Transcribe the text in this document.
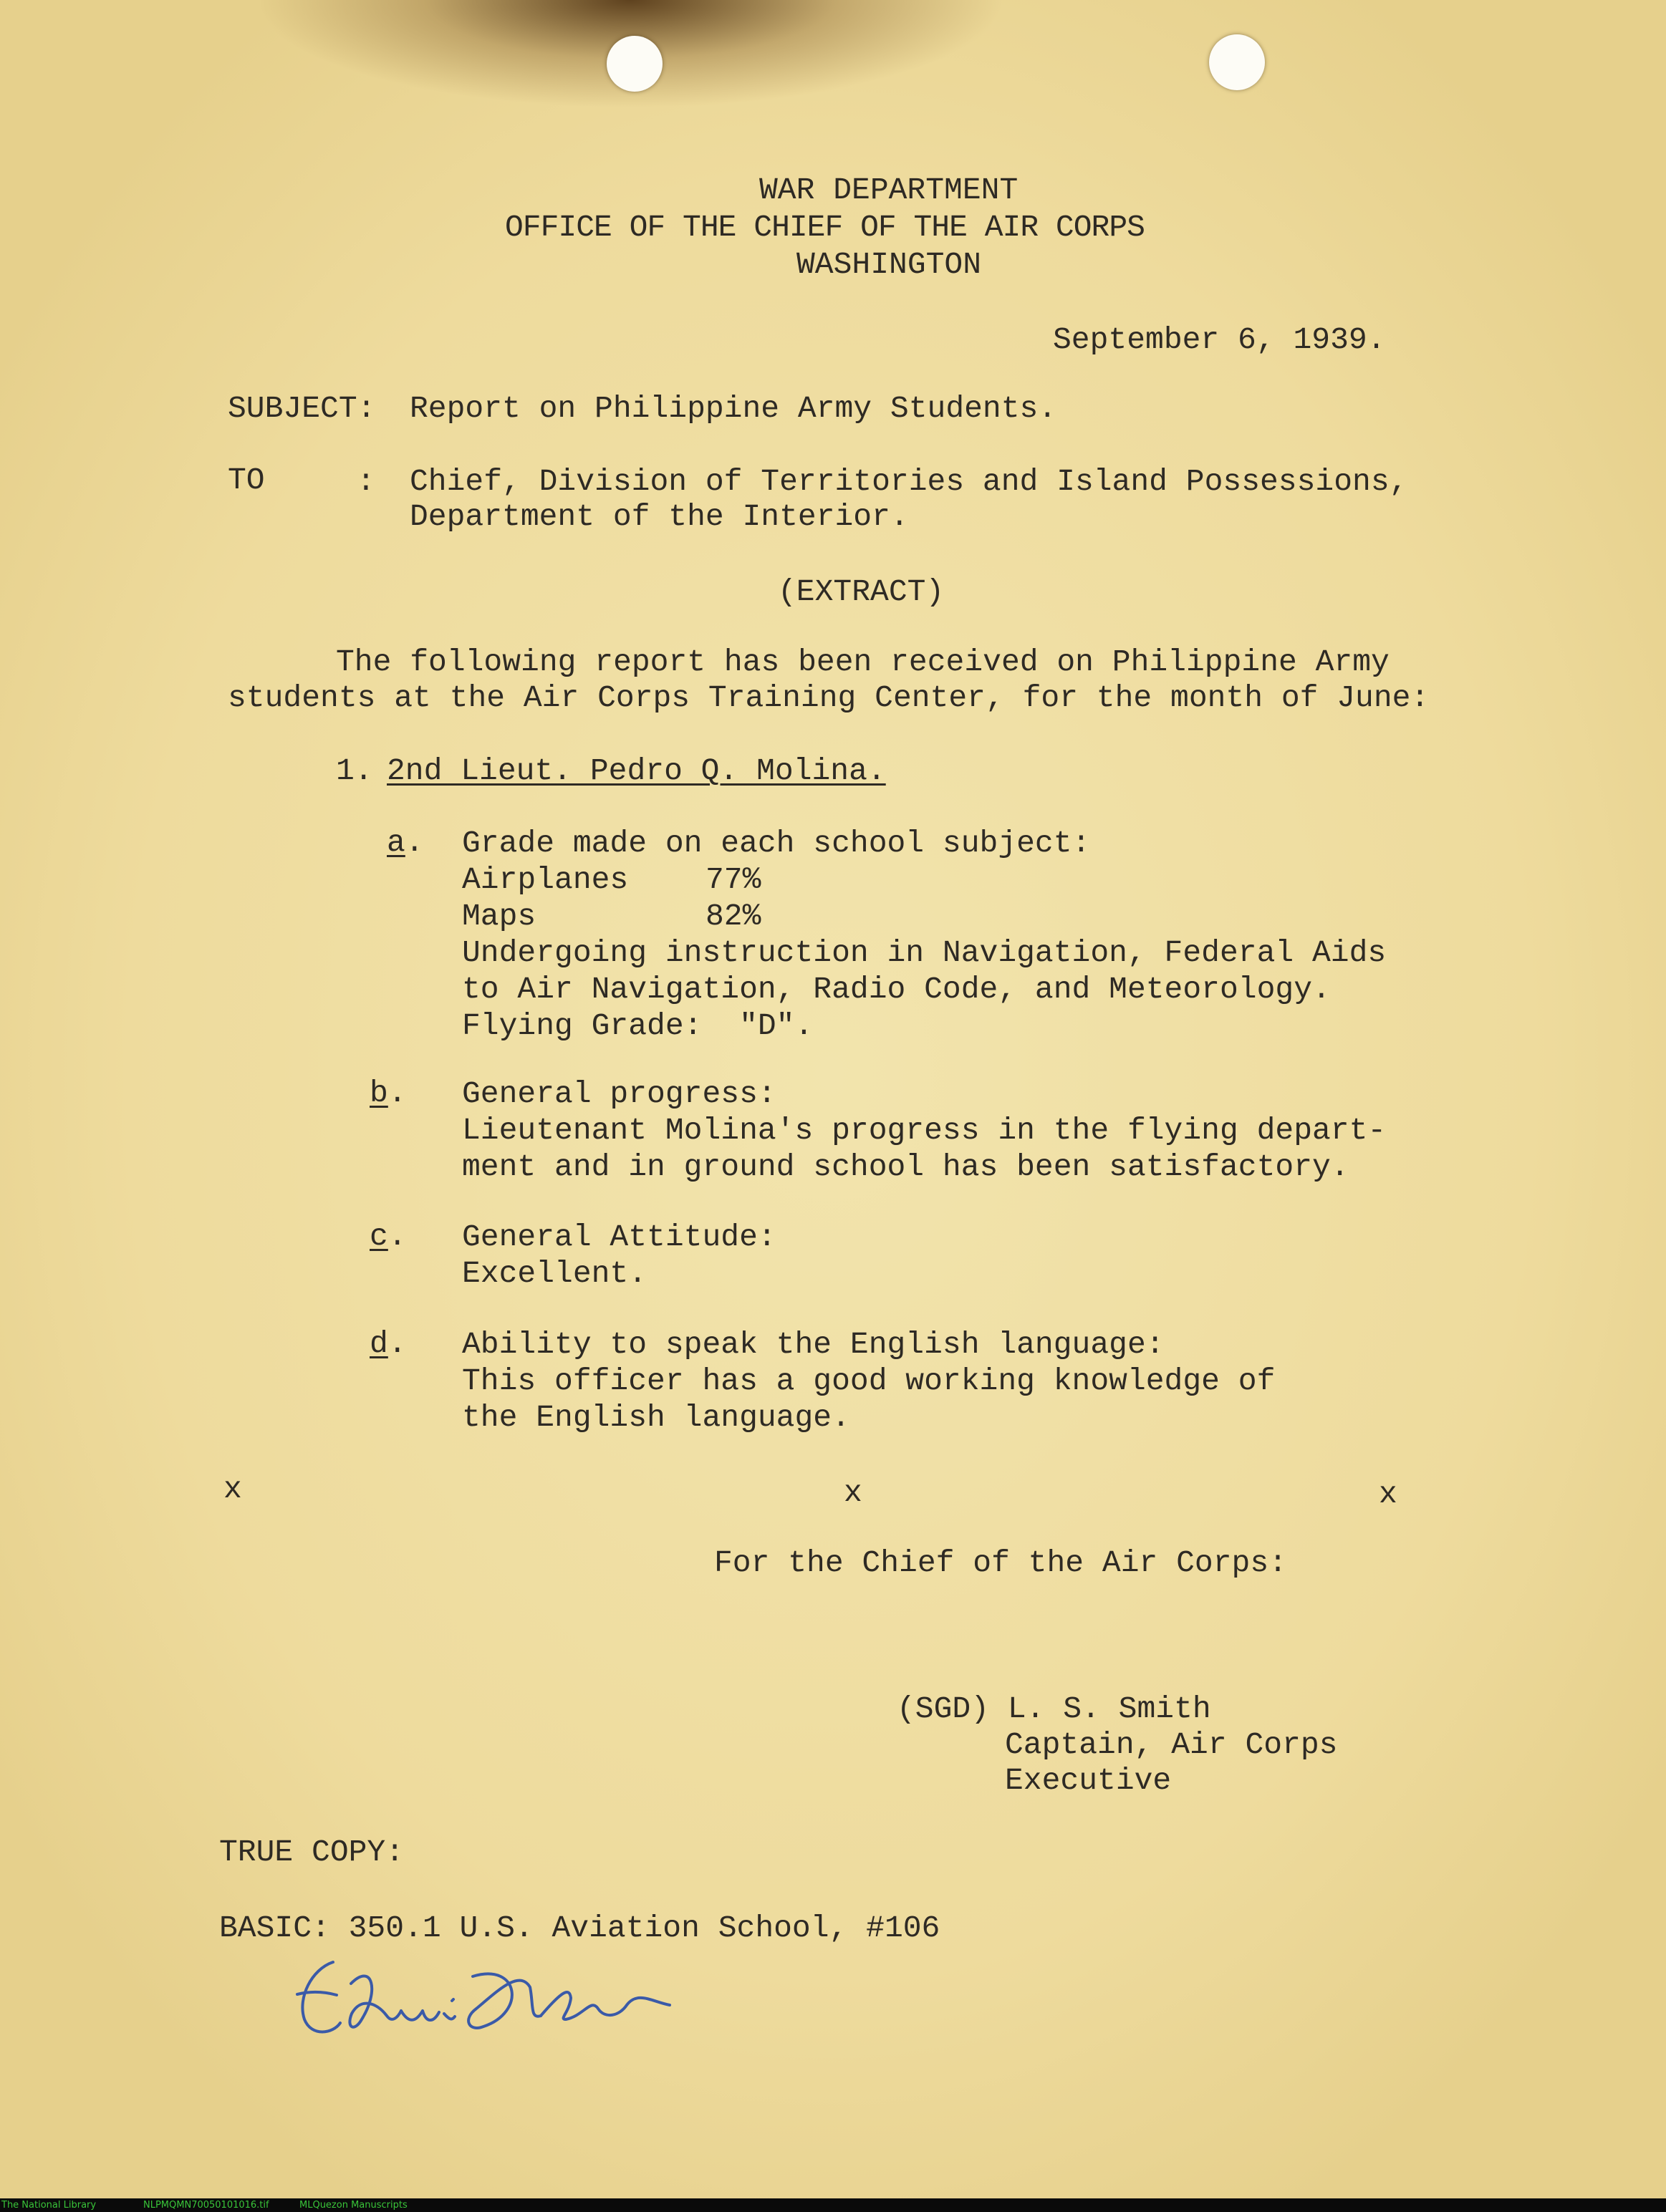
WAR DEPARTMENT
OFFICE OF THE CHIEF OF THE AIR CORPS
WASHINGTON
September 6, 1939.
SUBJECT: Report on Philippine Army Students.
TO	: Chief, Division of Territories and Island Possessions,
Department of the Interior.
(EXTRACT)
The following report has been received on Philippine Army
students at the Air Corps Training Center, for the month of June:
1. 2nd Lieut. Pedro Q. Molina.
a. Grade made on each school subject:
Airplanes	77%
Maps	82%
Undergoing instruction in Navigation, Federal Aids
to Air Navigation, Radio Code, and Meteorology.
Flying Grade:  "D".
b. General progress:
Lieutenant Molina's progress in the flying depart-
ment and in ground school has been satisfactory.
c. General Attitude:
Excellent.
d. Ability to speak the English language:
This officer has a good working knowledge of
the English language.
x	x	x
For the Chief of the Air Corps:
(SGD) L. S. Smith
Captain, Air Corps
Executive
TRUE COPY:
BASIC: 350.1 U.S. Aviation School, #106
The National Library	NLPMQMN70050101016.tif	MLQuezon Manuscripts
